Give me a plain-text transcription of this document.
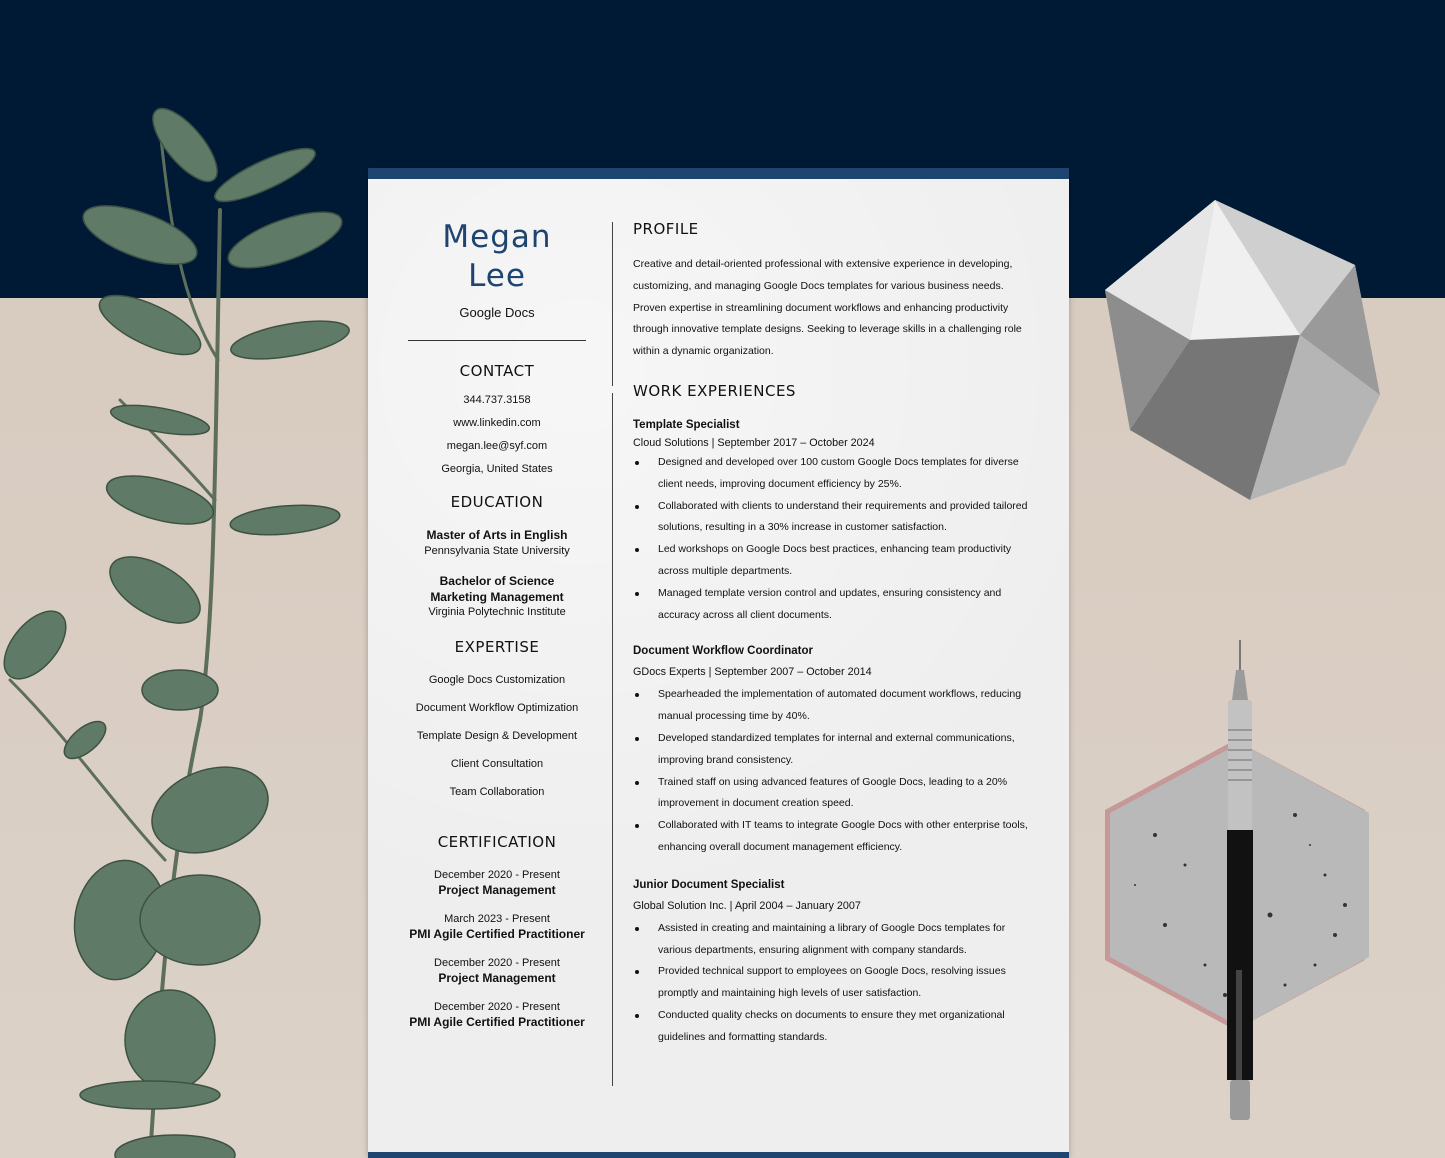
Megan
Lee
Google Docs
CONTACT
344.737.3158
www.linkedin.com
megan.lee@syf.com
Georgia, United States
EDUCATION
Master of Arts in English
Pennsylvania State University
Bachelor of Science
Marketing Management
Virginia Polytechnic Institute
EXPERTISE
Google Docs Customization
Document Workflow Optimization
Template Design & Development
Client Consultation
Team Collaboration
CERTIFICATION
December 2020 - Present
Project Management
March 2023 - Present
PMI Agile Certified Practitioner
December 2020 - Present
Project Management
December 2020 - Present
PMI Agile Certified Practitioner
PROFILE
Creative and detail-oriented professional with extensive experience in developing, customizing, and managing Google Docs templates for various business needs. Proven expertise in streamlining document workflows and enhancing productivity through innovative template designs. Seeking to leverage skills in a challenging role within a dynamic organization.
WORK EXPERIENCES
Template Specialist
Cloud Solutions | September 2017 – October 2024
Designed and developed over 100 custom Google Docs templates for diverse client needs, improving document efficiency by 25%.
Collaborated with clients to understand their requirements and provided tailored solutions, resulting in a 30% increase in customer satisfaction.
Led workshops on Google Docs best practices, enhancing team productivity across multiple departments.
Managed template version control and updates, ensuring consistency and accuracy across all client documents.
Document Workflow Coordinator
GDocs Experts | September 2007 – October 2014
Spearheaded the implementation of automated document workflows, reducing manual processing time by 40%.
Developed standardized templates for internal and external communications, improving brand consistency.
Trained staff on using advanced features of Google Docs, leading to a 20% improvement in document creation speed.
Collaborated with IT teams to integrate Google Docs with other enterprise tools, enhancing overall document management efficiency.
Junior Document Specialist
Global Solution Inc. | April 2004 – January 2007
Assisted in creating and maintaining a library of Google Docs templates for various departments, ensuring alignment with company standards.
Provided technical support to employees on Google Docs, resolving issues promptly and maintaining high levels of user satisfaction.
Conducted quality checks on documents to ensure they met organizational guidelines and formatting standards.
